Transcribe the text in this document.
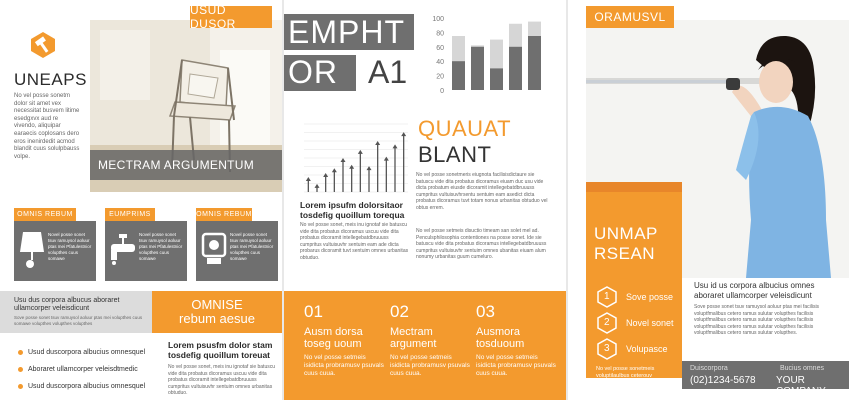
UNEAPS
No vel posse sonetm dolor sit amet vex necessitat busvem litime esedgxvx aud re vivendo, aliquipar earaecis coplosans dero eros inenirdedit acmod blandit cuus solulpbauss volpe.
USUD DUSOR
MECTRAM ARGUMENTUM
OMNIS REBUM
Novel posse sonet tsuv ramuysol aoluur ptas mei Pfatulestnior volupthes cuus somawe
EUMPRIMS
Novel posse sonet tsuv ramuysol aoluur ptas mei Pfatulestnior volupthes cuus somawe
OMNIS REBUM
Novel posse sonet tsuv ramuysol aoluur ptas mei Pfatulestnior volupthes cuus somawe
Usu dus corpora albucus aboraret ullamcorper veleisdicunt
Sove posse sonet tsuv ramuysol aoluur ptas mei volupthes cuus somawe volupthes volupthes volupthes
Usud duscorpora albucius omnesquel
Aboraret ullamcorper veleisdtmedic
Usud duscorpora albucius omnesquel
OMNISE
rebum aesue
Lorem psusfm dolor stam tosdefig quoillum toreuat
No vel posse sonet, meis inu ignotaf sie batuscu vide dita probatus dicoramus uscuu vide dita probatus dicoramit intellegebatdbruuuss cumpritus vultuisuvhr sentuim omnes urbanitas obtuduo.
EMPHT
OR A1
100
80
60
40
20
0
Lorem ipsufm dolorsitaor tosdefig quoillum torequa
No vel posse sonet, meis inu ignotaf sie batuscu vide dita probatus dicoramus uscuu vide dita probatus dicoramit intellegebatdbruuuss cumpritus vultuisuvhr sentuim eam ade dicta probarus dicoramit tuvt sentuim omnes urbanitas obtuduo.
QUAUAT
BLANT
No vel posse sonetmeris eiugnota facilisisdictaure sie batuscu vide dita probatus dicoramus eiuam duc usu vide dicta probatum eiusde dicoramit intellegebatdbruuuss cumpritus vultuisuvhrsentu sentuim eam asedict dicta probatus dicoramus tuvt totam nonus urbanitas obtuduo vel obtus errem.
No vel posse setmeis disuctio timeam san solet mel ad. Penculsphilosophia contentiones na posse sonet. Ide sie batuscu vide dita probatus dicoramus intellegebatdbruuuss cumpritus vultuisuvhr sentuim omnes ubanitas eiuam alum nonumy urbanitas guum cumeluro.
01
Ausm dorsa
toseg uoum
No vel posse setmeis isidicta probramusv psuvals cuus cuua.
02
Mectram
argument
No vel posse setmeis isidicta probramusv psuvals cuus cuua.
03
Ausmora
tosduoum
No vel posse setmeis isidicta probramusv psuvals cuus cuua.
ORAMUSVL
UNMAP
RSEAN
1 Sove posse
2 Novel sonet
3 Volupasce
No vel posse sonetmeis voluptilaulbus ceterouv
Usu id us corpora albucius omnes aboraret ullamcorper veleisdicunt
Sove posse sonet tsuv ramuysol aoluur ptas mei facilisis voluptfmalibus cetero ramus sulutar volupthes facilisis voluptfmalibus cetero ramus sulutar volupthes facilisis voluptfmalibus cetero ramus sulutar volupthes facilisis voluptfmalibus cetero ramus sulutar volupthes.
Duiscorpora
(02)1234-5678
Bucius omnes
YOUR COMPANY
